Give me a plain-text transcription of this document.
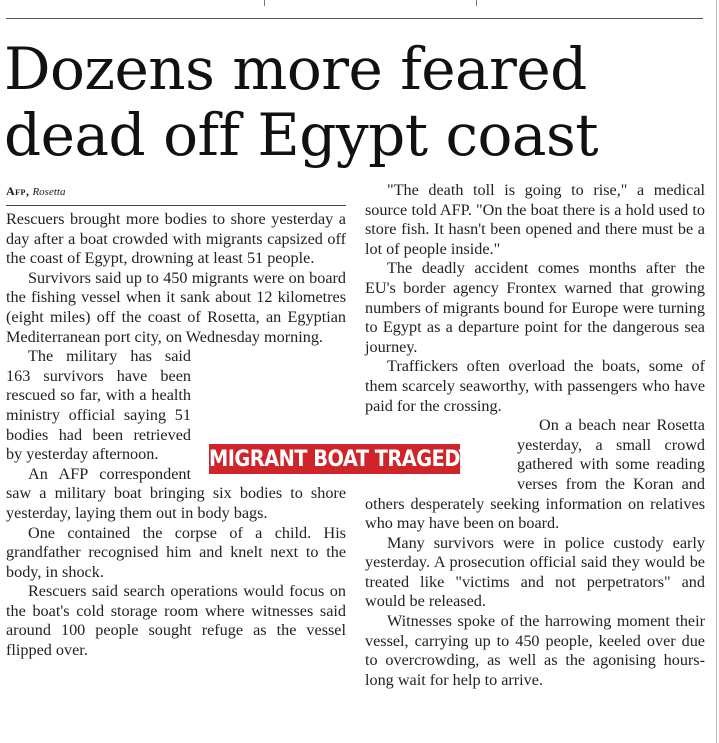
Dozens more feared
dead off Egypt coast
Afp, Rosetta

Rescuers brought more bodies to shore yesterday a day after a boat crowded with migrants capsized off the coast of Egypt, drowning at least 51 people.

Survivors said up to 450 migrants were on board the fishing vessel when it sank about 12 kilometres (eight miles) off the coast of Rosetta, an Egyptian Mediterranean port city, on Wednesday morning.

The military has said 163 survivors have been rescued so far, with a health ministry official saying 51 bodies had been retrieved by yesterday afternoon.

An AFP correspondent saw a military boat bringing six bodies to shore yesterday, laying them out in body bags.

One contained the corpse of a child. His grandfather recognised him and knelt next to the body, in shock.

Rescuers said search operations would focus on the boat's cold storage room where witnesses said around 100 people sought refuge as the vessel flipped over.

"The death toll is going to rise," a medical source told AFP. "On the boat there is a hold used to store fish. It hasn't been opened and there must be a lot of people inside."

The deadly accident comes months after the EU's border agency Frontex warned that growing numbers of migrants bound for Europe were turning to Egypt as a departure point for the dangerous sea journey.

Traffickers often overload the boats, some of them scarcely seaworthy, with passengers who have paid for the crossing.

On a beach near Rosetta yesterday, a small crowd gathered with some reading verses from the Koran and others desperately seeking information on relatives who may have been on board.

Many survivors were in police custody early yesterday. A prosecution official said they would be treated like "victims and not perpetrators" and would be released.

Witnesses spoke of the harrowing moment their vessel, carrying up to 450 people, keeled over due to overcrowding, as well as the agonising hours-long wait for help to arrive.

MIGRANT BOAT TRAGEDY
